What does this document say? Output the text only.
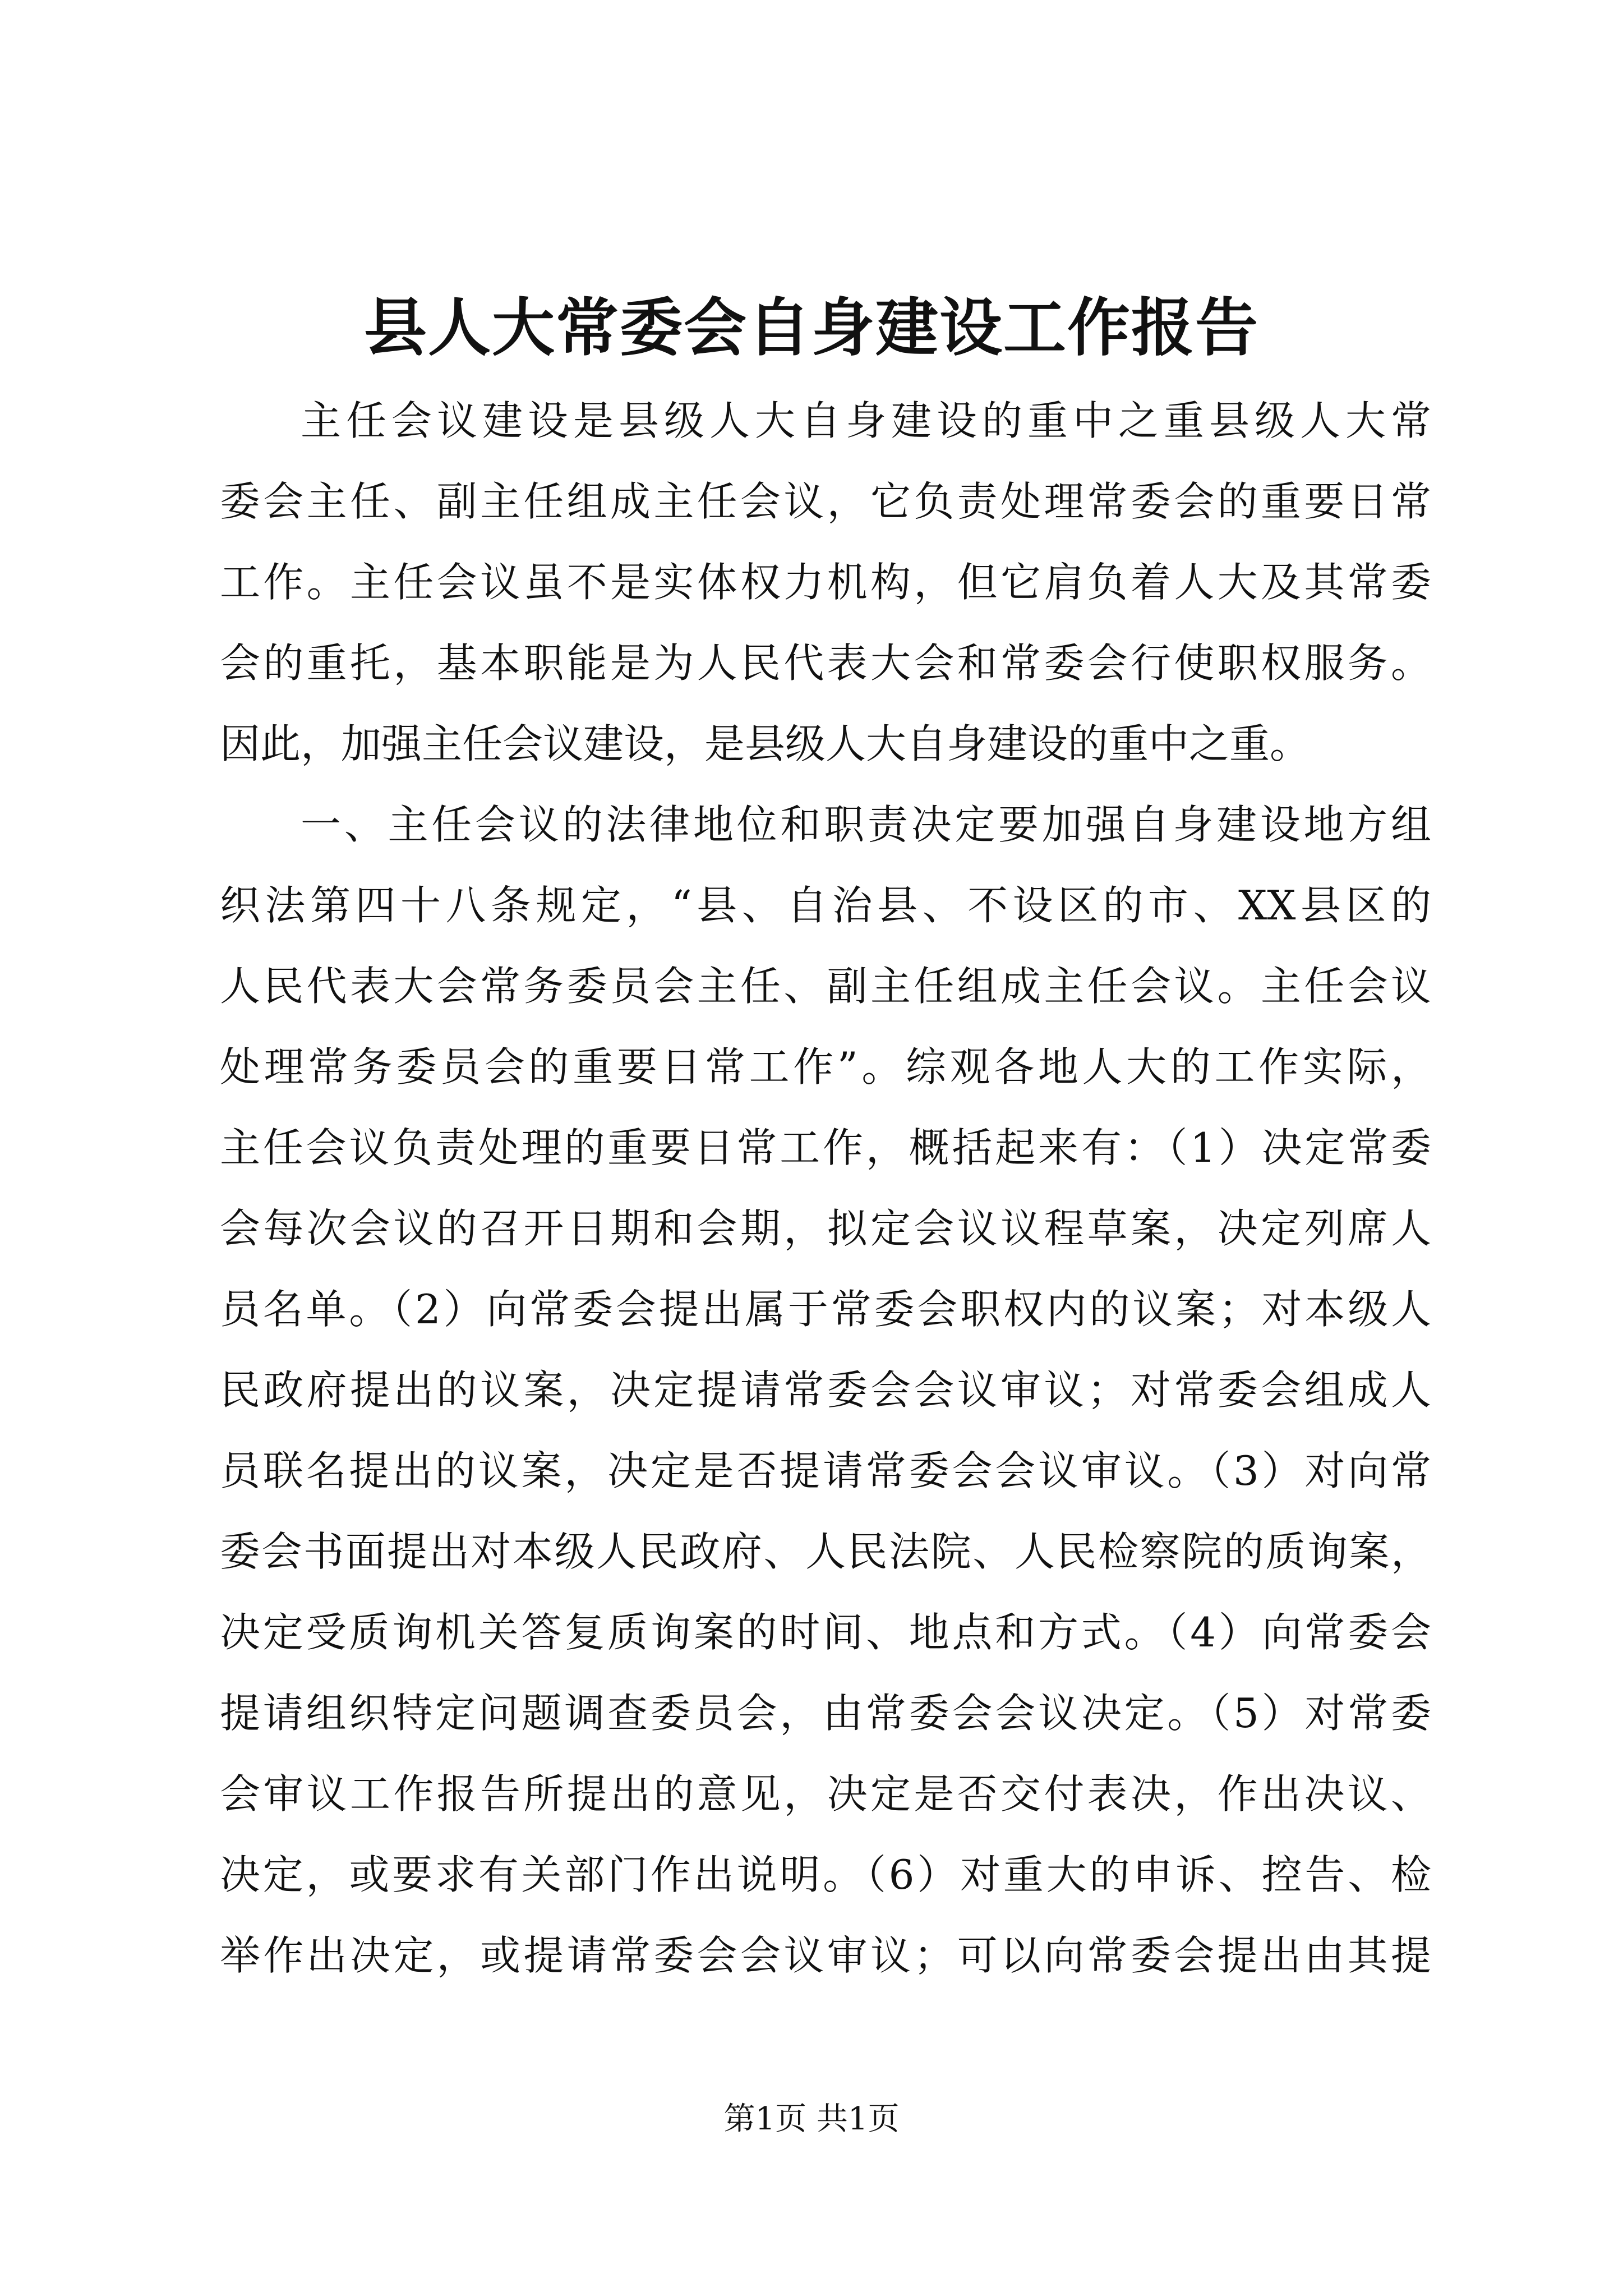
县人大常委会自身建设工作报告
主任会议建设是县级人大自身建设的重中之重县级人大常
委会主任、副主任组成主任会议，它负责处理常委会的重要日常
工作。主任会议虽不是实体权力机构，但它肩负着人大及其常委
会的重托，基本职能是为人民代表大会和常委会行使职权服务。
因此，加强主任会议建设，是县级人大自身建设的重中之重。
一、主任会议的法律地位和职责决定要加强自身建设地方组
织法第四十八条规定，“县、自治县、不设区的市、XX县区的
人民代表大会常务委员会主任、副主任组成主任会议。主任会议
处理常务委员会的重要日常工作”。综观各地人大的工作实际，
主任会议负责处理的重要日常工作，概括起来有：（1）决定常委
会每次会议的召开日期和会期，拟定会议议程草案，决定列席人
员名单。（2）向常委会提出属于常委会职权内的议案；对本级人
民政府提出的议案，决定提请常委会会议审议；对常委会组成人
员联名提出的议案，决定是否提请常委会会议审议。（3）对向常
委会书面提出对本级人民政府、人民法院、人民检察院的质询案，
决定受质询机关答复质询案的时间、地点和方式。（4）向常委会
提请组织特定问题调查委员会，由常委会会议决定。（5）对常委
会审议工作报告所提出的意见，决定是否交付表决，作出决议、
决定，或要求有关部门作出说明。（6）对重大的申诉、控告、检
举作出决定，或提请常委会会议审议；可以向常委会提出由其提
第1页 共1页
